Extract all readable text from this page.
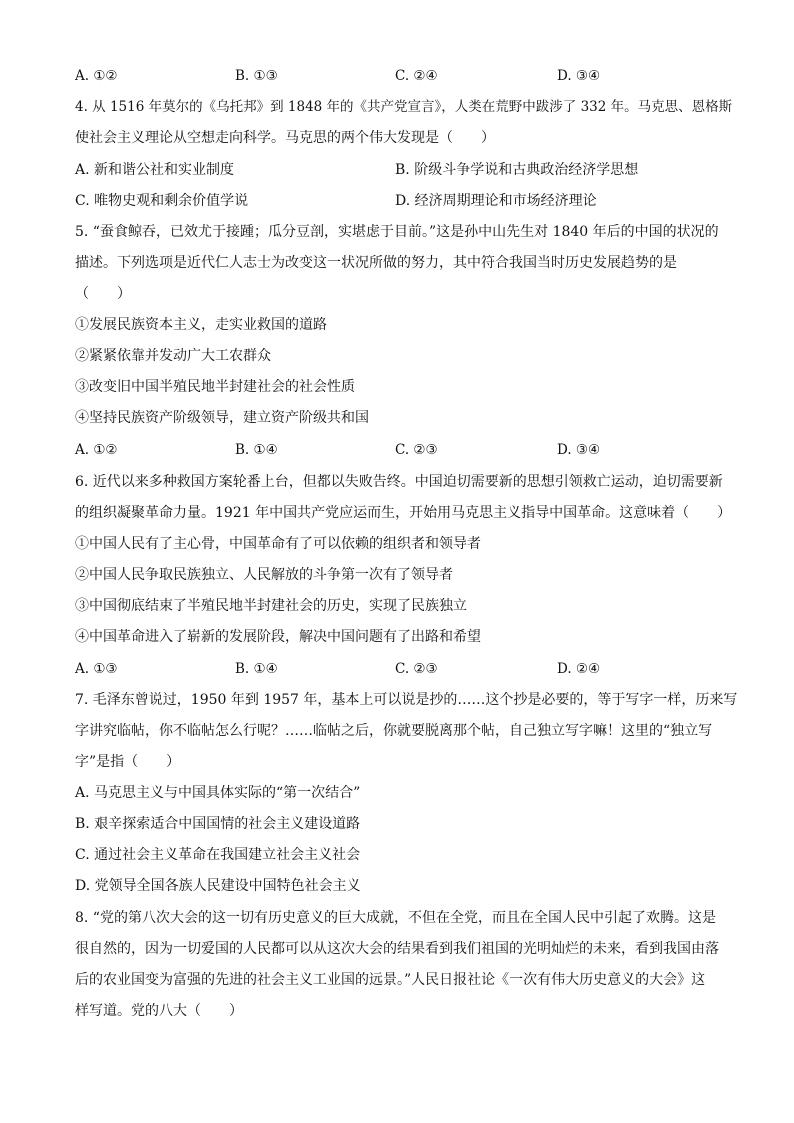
A. ①②	B. ①③	C. ②④	D. ③④
4. 从 1516 年莫尔的《乌托邦》到 1848 年的《共产党宣言》，人类在荒野中跋涉了 332 年。马克思、恩格斯
使社会主义理论从空想走向科学。马克思的两个伟大发现是（　　）
A. 新和谐公社和实业制度	B. 阶级斗争学说和古典政治经济学思想
C. 唯物史观和剩余价值学说	D. 经济周期理论和市场经济理论
5. “蚕食鲸吞，已效尤于接踵；瓜分豆剖，实堪虑于目前。”这是孙中山先生对 1840 年后的中国的状况的
描述。下列选项是近代仁人志士为改变这一状况所做的努力，其中符合我国当时历史发展趋势的是
（　　）
①发展民族资本主义，走实业救国的道路
②紧紧依靠并发动广大工农群众
③改变旧中国半殖民地半封建社会的社会性质
④坚持民族资产阶级领导，建立资产阶级共和国
A. ①②	B. ①④	C. ②③	D. ③④
6. 近代以来多种救国方案轮番上台，但都以失败告终。中国迫切需要新的思想引领救亡运动，迫切需要新
的组织凝聚革命力量。1921 年中国共产党应运而生，开始用马克思主义指导中国革命。这意味着（　　）
①中国人民有了主心骨，中国革命有了可以依赖的组织者和领导者
②中国人民争取民族独立、人民解放的斗争第一次有了领导者
③中国彻底结束了半殖民地半封建社会的历史，实现了民族独立
④中国革命进入了崭新的发展阶段，解决中国问题有了出路和希望
A. ①③	B. ①④	C. ②③	D. ②④
7. 毛泽东曾说过，1950 年到 1957 年，基本上可以说是抄的……这个抄是必要的，等于写字一样，历来写
字讲究临帖，你不临帖怎么行呢？……临帖之后，你就要脱离那个帖，自己独立写字嘛！这里的“独立写
字”是指（　　）
A. 马克思主义与中国具体实际的“第一次结合”
B. 艰辛探索适合中国国情的社会主义建设道路
C. 通过社会主义革命在我国建立社会主义社会
D. 党领导全国各族人民建设中国特色社会主义
8. “党的第八次大会的这一切有历史意义的巨大成就，不但在全党，而且在全国人民中引起了欢腾。这是
很自然的，因为一切爱国的人民都可以从这次大会的结果看到我们祖国的光明灿烂的未来，看到我国由落
后的农业国变为富强的先进的社会主义工业国的远景。”人民日报社论《一次有伟大历史意义的大会》这
样写道。党的八大（　　）
